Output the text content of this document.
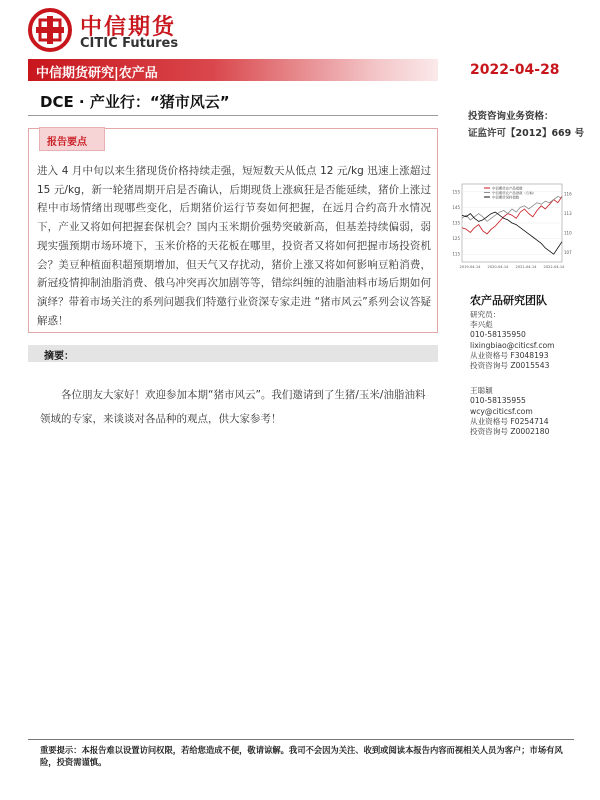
中信期货
CITIC Futures
中信期货研究|农产品	2022-04-28
DCE · 产业行：“猪市风云”
投资咨询业务资格：
证监许可【2012】669 号
报告要点
进入 4 月中旬以来生猪现货价格持续走强，短短数天从低点 12 元/kg 迅速上涨超过 15 元/kg，新一轮猪周期开启是否确认，后期现货上涨疯狂是否能延续，猪价上涨过程中市场情绪出现哪些变化，后期猪价运行节奏如何把握，在远月合约高升水情况下，产业又将如何把握套保机会？国内玉米期价强势突破新高，但基差持续偏弱，弱现实强预期市场环境下，玉米价格的天花板在哪里，投资者又将如何把握市场投资机会？美豆种植面积超预期增加，但天气又存扰动，猪价上涨又将如何影响豆粕消费，新冠疫情抑制油脂消费、俄乌冲突再次加剧等等，错综纠缠的油脂油料市场后期如何演绎？带着市场关注的系列问题我们特邀行业资深专家走进 “猪市风云”系列会议答疑解惑！
摘要：
各位朋友大家好！欢迎参加本期“猪市风云”。我们邀请到了生猪/玉米/油脂油料领域的专家，来谈谈对各品种的观点，供大家参考！
中信期货农产品指数
中信期货农产品指数（右轴）
中信期货饲料指数
115
125
135
145
155
107
110
113
116
2019-04-14 2020-04-14 2021-04-14 2022-04-14
农产品研究团队
研究员：
李兴彪
010-58135950
lixingbiao@citicsf.com
从业资格号 F3048193
投资咨询号 Z0015543
王聪颖
010-58135955
wcy@citicsf.com
从业资格号 F0254714
投资咨询号 Z0002180
重要提示：本报告难以设置访问权限，若给您造成不便，敬请谅解。我司不会因为关注、收到或阅读本报告内容而视相关人员为客户；市场有风险，投资需谨慎。
